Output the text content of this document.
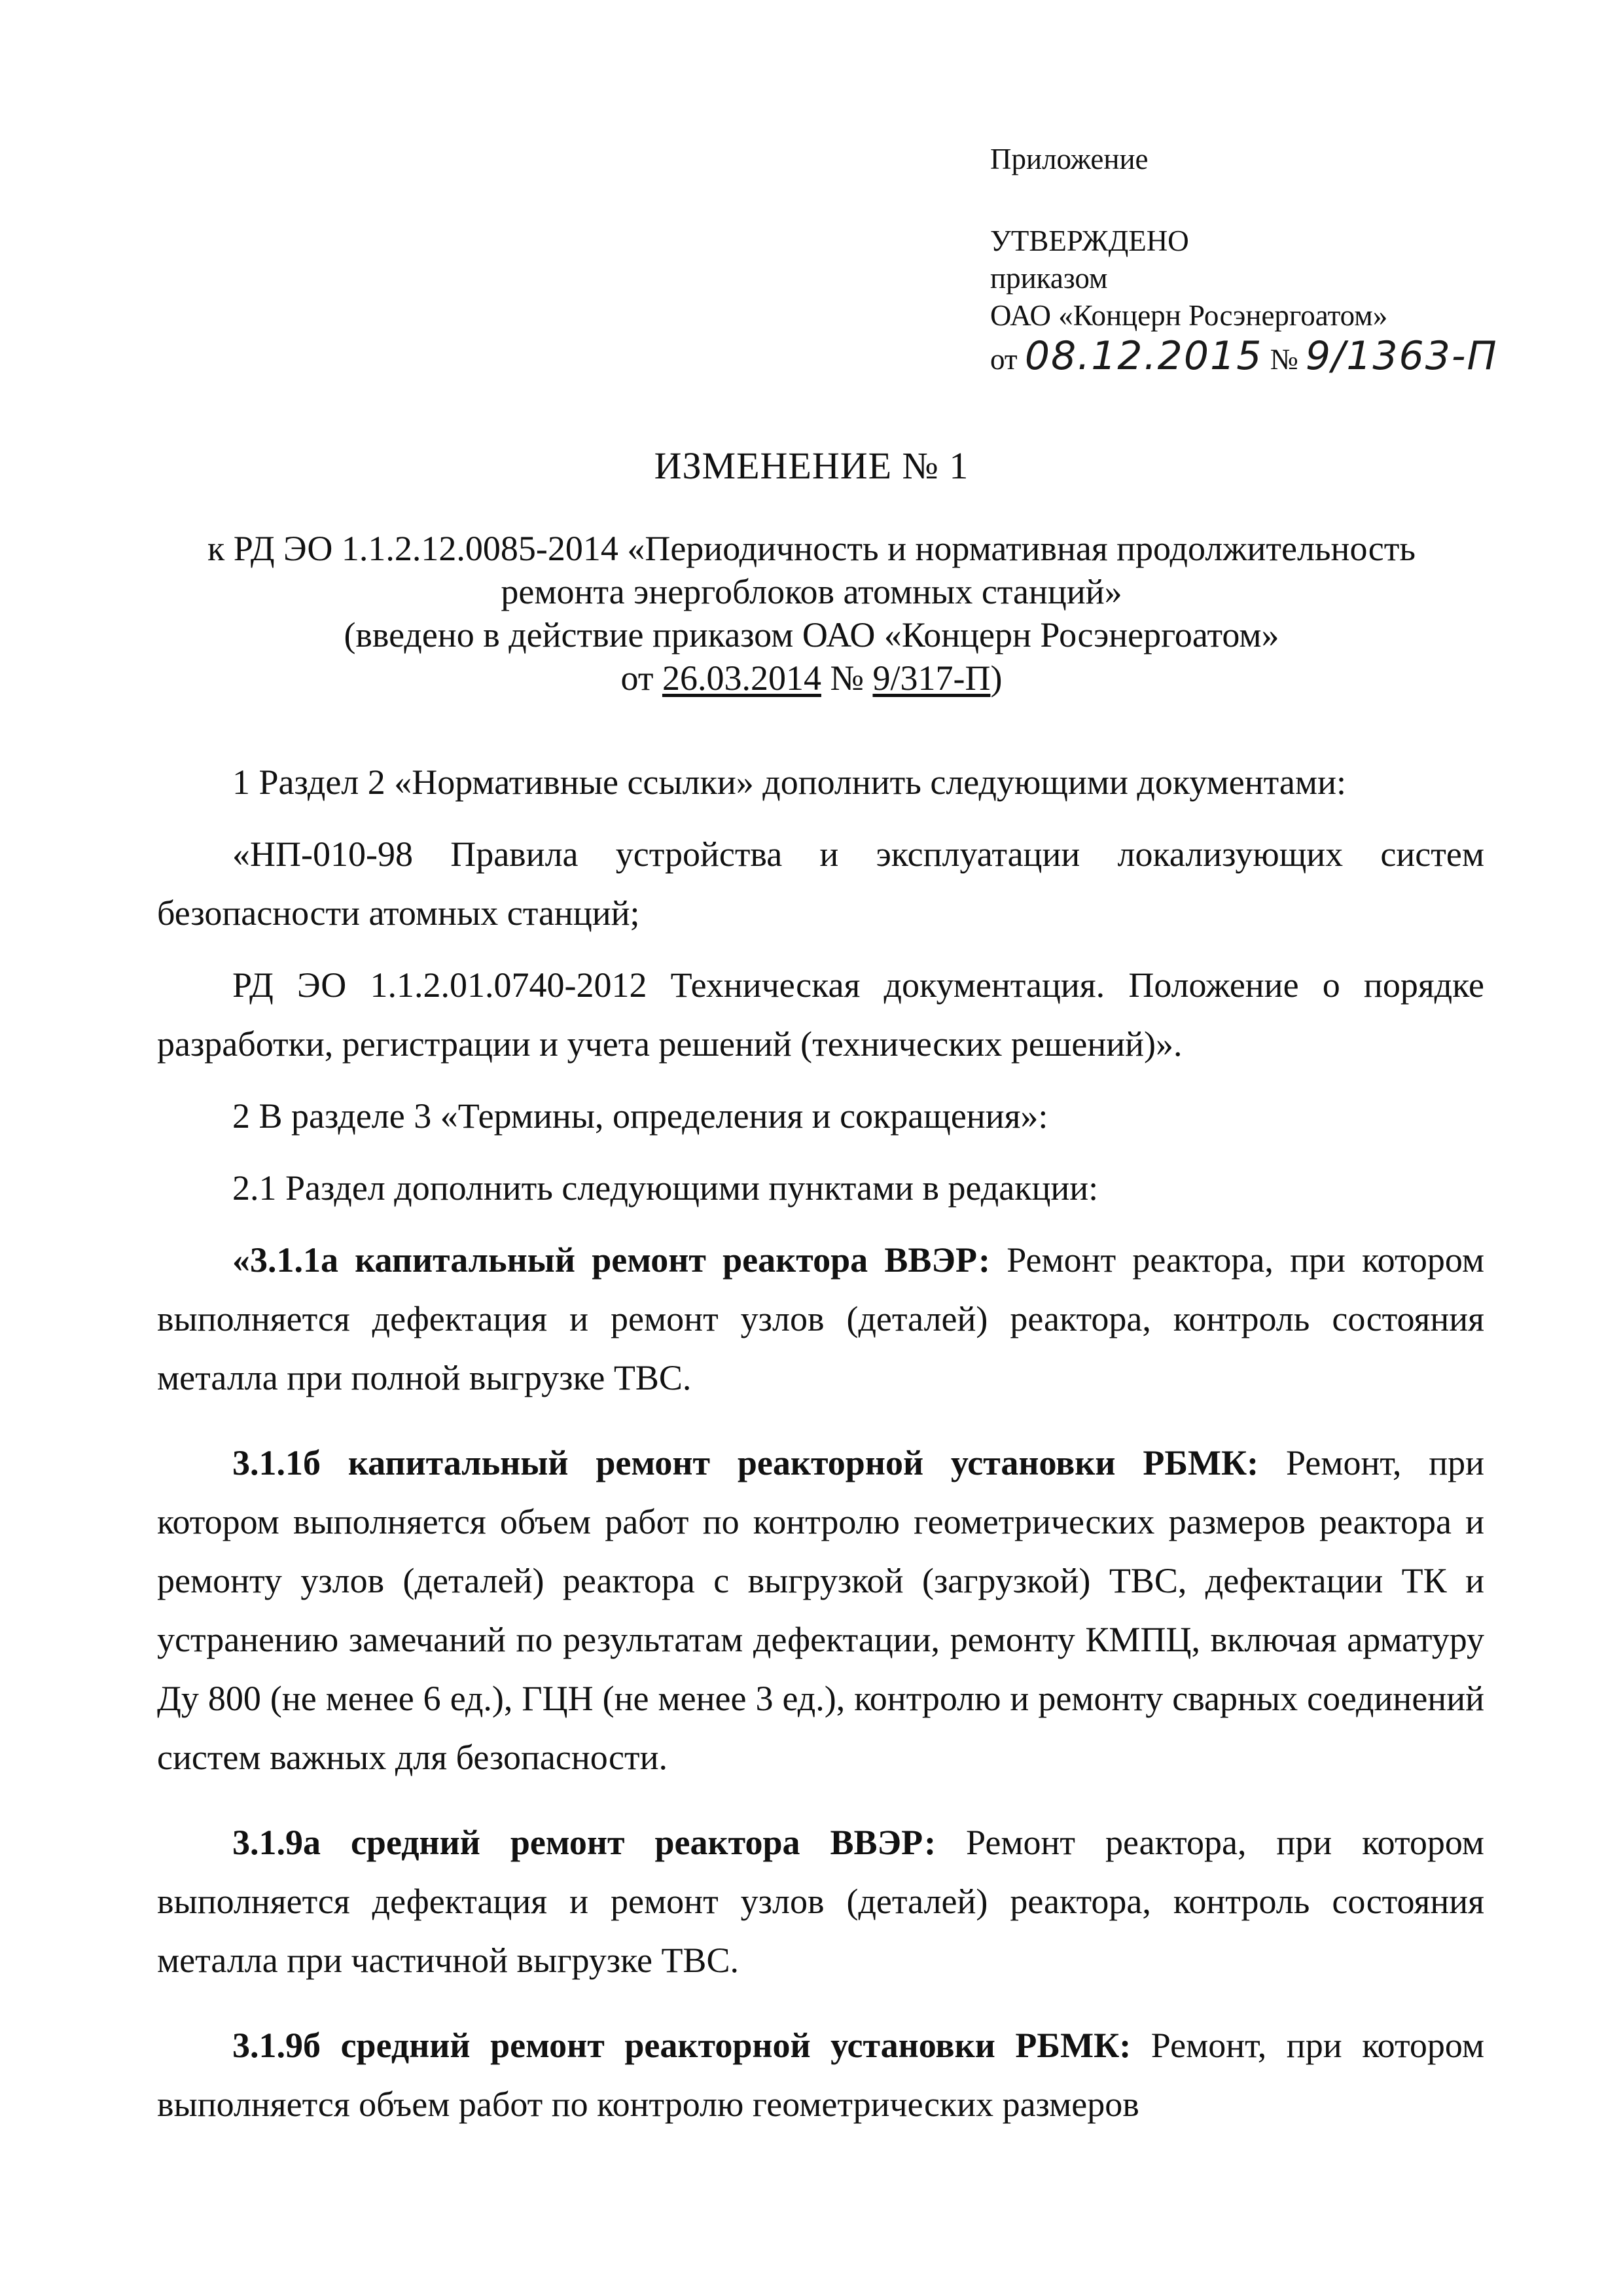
Приложение
УТВЕРЖДЕНО
приказом
ОАО «Концерн Росэнергоатом»
от 08.12.2015 № 9/1363-П
ИЗМЕНЕНИЕ № 1
к РД ЭО 1.1.2.12.0085-2014 «Периодичность и нормативная продолжительность
ремонта энергоблоков атомных станций»
(введено в действие приказом ОАО «Концерн Росэнергоатом»
от 26.03.2014 № 9/317-П)

1 Раздел 2 «Нормативные ссылки» дополнить следующими документами:

«НП-010-98 Правила устройства и эксплуатации локализующих систем безопасности атомных станций;

РД ЭО 1.1.2.01.0740-2012 Техническая документация. Положение о порядке разработки, регистрации и учета решений (технических решений)».

2 В разделе 3 «Термины, определения и сокращения»:

2.1 Раздел дополнить следующими пунктами в редакции:

«3.1.1а капитальный ремонт реактора ВВЭР: Ремонт реактора, при котором выполняется дефектация и ремонт узлов (деталей) реактора, контроль состояния металла при полной выгрузке ТВС.

3.1.1б капитальный ремонт реакторной установки РБМК: Ремонт, при котором выполняется объем работ по контролю геометрических размеров реактора и ремонту узлов (деталей) реактора с выгрузкой (загрузкой) ТВС, дефектации ТК и устранению замечаний по результатам дефектации, ремонту КМПЦ, включая арматуру Ду 800 (не менее 6 ед.), ГЦН (не менее 3 ед.), контролю и ремонту сварных соединений систем важных для безопасности.

3.1.9а средний ремонт реактора ВВЭР: Ремонт реактора, при котором выполняется дефектация и ремонт узлов (деталей) реактора, контроль состояния металла при частичной выгрузке ТВС.

3.1.9б средний ремонт реакторной установки РБМК: Ремонт, при котором выполняется объем работ по контролю геометрических размеров
